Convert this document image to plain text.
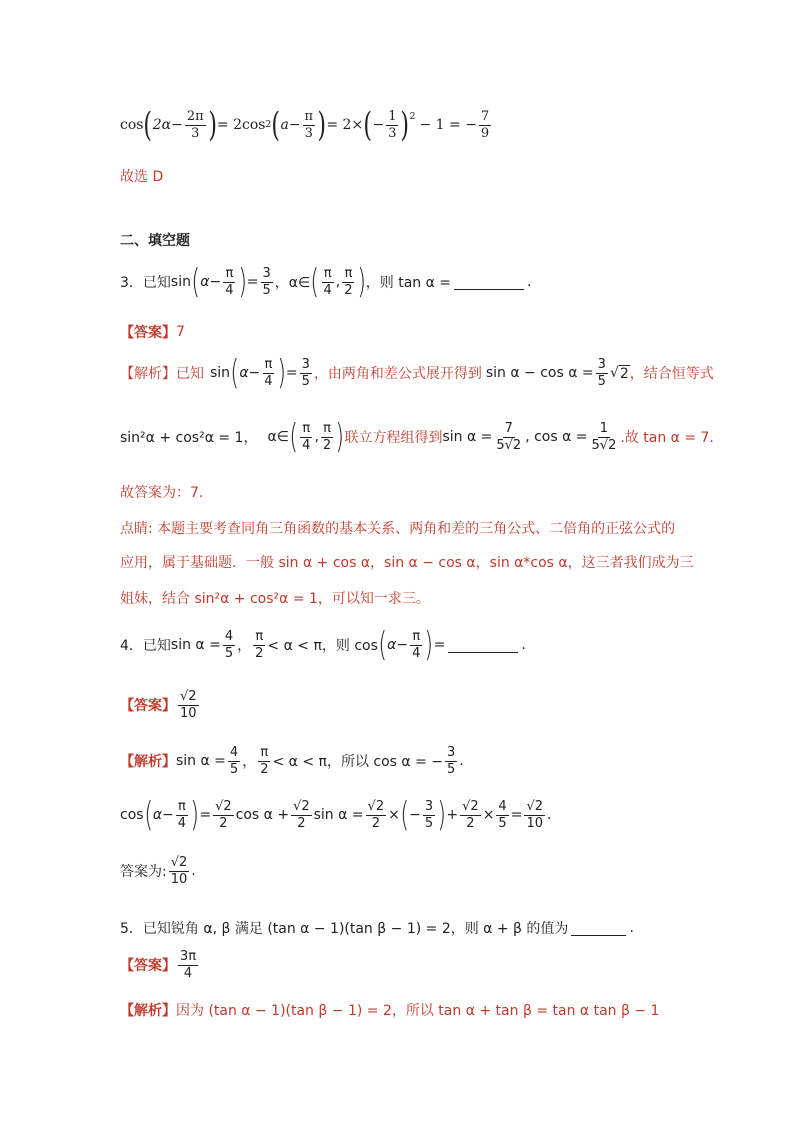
cos ( $2\alpha- \frac{2\pi}{3}$ ) = 2cos 2 ( $a- \frac{\pi}{3}$ ) = 2× ( − $\frac{1}{3} )^2 - 1$ = − $\frac{7}{9}$
故选 D
二、填空题
3．已知 sin ( $\alpha- \frac{\pi}{4}$ ) = $\frac{3}{5}$ ，α∈ ( $\frac{\pi}{4}$ , $\frac{\pi}{2}$ ) ，则 tan α =	.
【答案】 7
【解析】已知 sin ( $\alpha- \frac{\pi}{4}$ ) = $\frac{3}{5}$ ，由两角和差公式展开得到 $\sin \alpha - \cos \alpha = \frac{3}{5}$ √ 2 ，结合恒等式
sin²α + cos²α = 1， α∈ ( $\frac{\pi}{4}$ , $\frac{\pi}{2}$ ) 联立方程组得到 $\sin \alpha = \frac{7}{5√2}$ , $\cos \alpha = \frac{1}{5√2}$ .故 tan α = 7.
故答案为：7.
点睛: 本题主要考查同角三角函数的基本关系、两角和差的三角公式、二倍角的正弦公式的
应用，属于基础题．一般 sin α + cos α，sin α − cos α，sin α*cos α，这三者我们成为三
姐妹，结合 sin²α + cos²α = 1，可以知一求三。
4．已知 $\sin \alpha = \frac{4}{5}$ ， $\frac{\pi}{2} < \alpha < \pi$，则 cos ( $\alpha- \frac{\pi}{4}$ ) =	.
【答案】 $\frac{√2}{10}$
【解析】 $\sin \alpha = \frac{4}{5}$ ， $\frac{\pi}{2} < \alpha < \pi$，所以 cos α = − $\frac{3}{5}$ .
cos ( $\alpha- \frac{\pi}{4}$ ) = $\frac{√2}{2}$ $\cos \alpha + \frac{√2}{2}$ $\sin \alpha = \frac{√2}{2}$ × ( − $\frac{3}{5}$ ) + $\frac{√2}{2} \times \frac{4}{5} = \frac{√2}{10}$ .
答案为: $\frac{√2}{10}$ .
5．已知锐角 α, β 满足 (tan α − 1)(tan β − 1) = 2，则 α + β 的值为	.
【答案】 $\frac{3\pi}{4}$
【解析】 因为 (tan α − 1)(tan β − 1) = 2，所以 tan α + tan β = tan α tan β − 1
